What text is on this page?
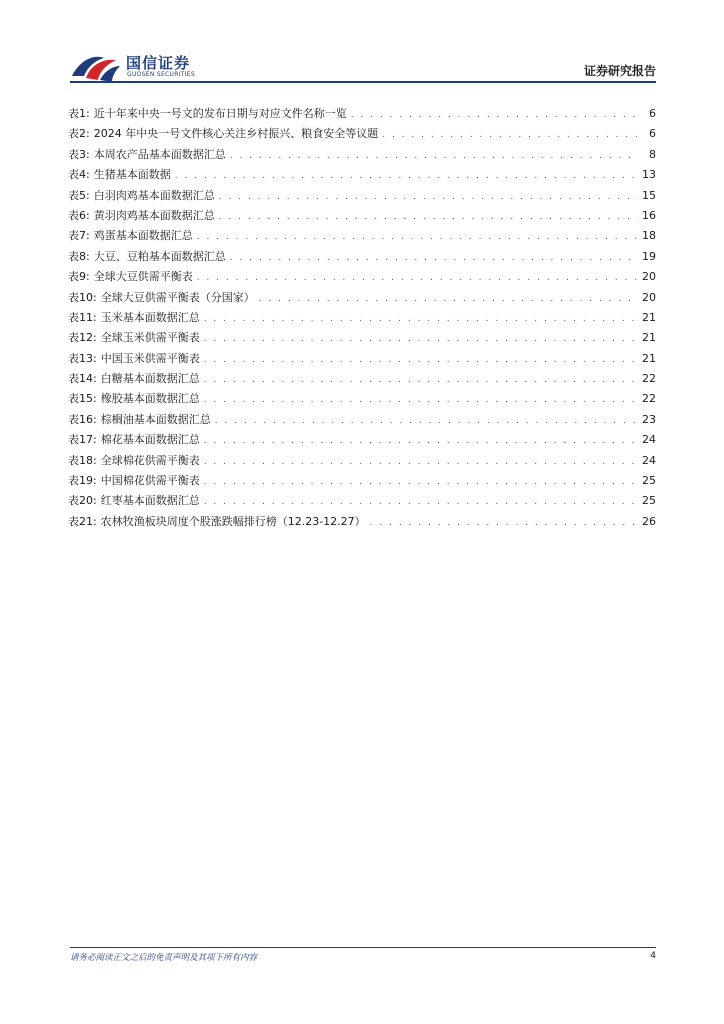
国信证券
GUOSEN SECURITIES	证券研究报告
表1: 近十年来中央一号文的发布日期与对应文件名称一览 . . .	6
表2: 2024 年中央一号文件核心关注乡村振兴、粮食安全等议题 . . .	6
表3: 本周农产品基本面数据汇总 . . .	8
表4: 生猪基本面数据 . . .	13
表5: 白羽肉鸡基本面数据汇总 . . .	15
表6: 黄羽肉鸡基本面数据汇总 . . .	16
表7: 鸡蛋基本面数据汇总 . . .	18
表8: 大豆、豆粕基本面数据汇总 . . .	19
表9: 全球大豆供需平衡表 . . .	20
表10: 全球大豆供需平衡表（分国家） . . .	20
表11: 玉米基本面数据汇总 . . .	21
表12: 全球玉米供需平衡表 . . .	21
表13: 中国玉米供需平衡表 . . .	21
表14: 白糖基本面数据汇总 . . .	22
表15: 橡胶基本面数据汇总 . . .	22
表16: 棕榈油基本面数据汇总 . . .	23
表17: 棉花基本面数据汇总 . . .	24
表18: 全球棉花供需平衡表 . . .	24
表19: 中国棉花供需平衡表 . . .	25
表20: 红枣基本面数据汇总 . . .	25
表21: 农林牧渔板块周度个股涨跌幅排行榜（12.23-12.27） . . .	26
请务必阅读正文之后的免责声明及其项下所有内容	4
